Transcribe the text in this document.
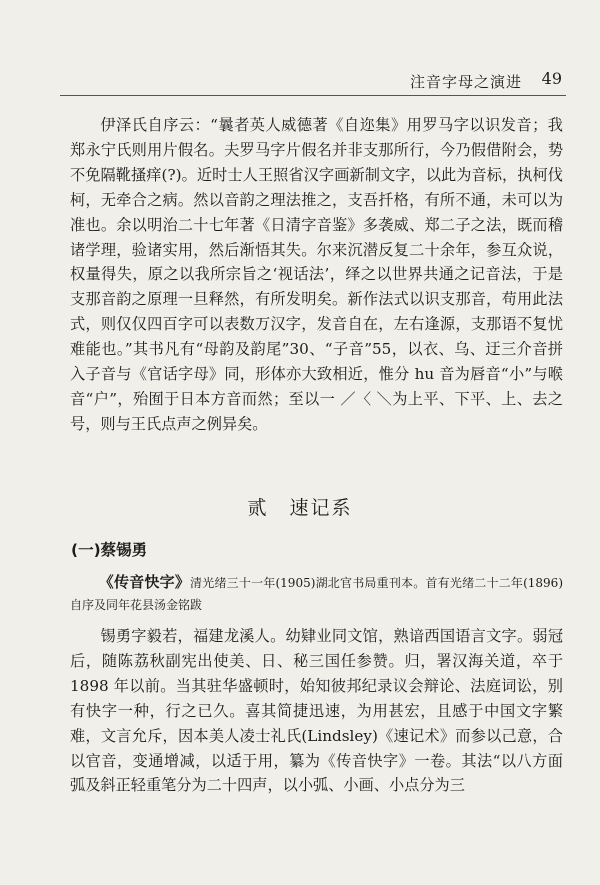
注音字母之演进 49

伊泽氏自序云：“曩者英人威德著《自迩集》用罗马字以识发音；我郑永宁氏则用片假名。夫罗马字片假名并非支那所行，今乃假借附会，势不免隔靴搔痒(?)。近时士人王照省汉字画新制文字，以此为音标，执柯伐柯，无牵合之病。然以音韵之理法推之，支吾扦格，有所不通，未可以为准也。余以明治二十七年著《日清字音鉴》多袭威、郑二子之法，既而稽诸学理，验诸实用，然后渐悟其失。尔来沉潜反复二十余年，参互众说，权量得失，原之以我所宗旨之‘视话法’，绎之以世界共通之记音法，于是支那音韵之原理一旦释然，有所发明矣。新作法式以识支那音，苟用此法式，则仅仅四百字可以表数万汉字，发音自在，左右逢源，支那语不复忧难能也。”其书凡有“母韵及韵尾”30、“子音”55，以衣、乌、迂三介音拼入子音与《官话字母》同，形体亦大致相近，惟分 hu 音为唇音“小”与喉音“户”，殆囿于日本方音而然；至以一 ／〈 ＼为上平、下平、上、去之号，则与王氏点声之例异矣。

贰　速记系
(一)蔡锡勇

《传音快字》清光绪三十一年(1905)湖北官书局重刊本。首有光绪二十二年(1896)自序及同年花县汤金铭跋

锡勇字毅若，福建龙溪人。幼肄业同文馆，熟谙西国语言文字。弱冠后，随陈荔秋副宪出使美、日、秘三国任参赞。归，署汉海关道，卒于 1898 年以前。当其驻华盛顿时，始知彼邦纪录议会辩论、法庭词讼，别有快字一种，行之已久。喜其简捷迅速，为用甚宏，且感于中国文字繁难，文言允斥，因本美人凌士礼氏(Lindsley)《速记术》而参以己意，合以官音，变通增减，以适于用，纂为《传音快字》一卷。其法“以八方面弧及斜正轻重笔分为二十四声，以小弧、小画、小点分为三
